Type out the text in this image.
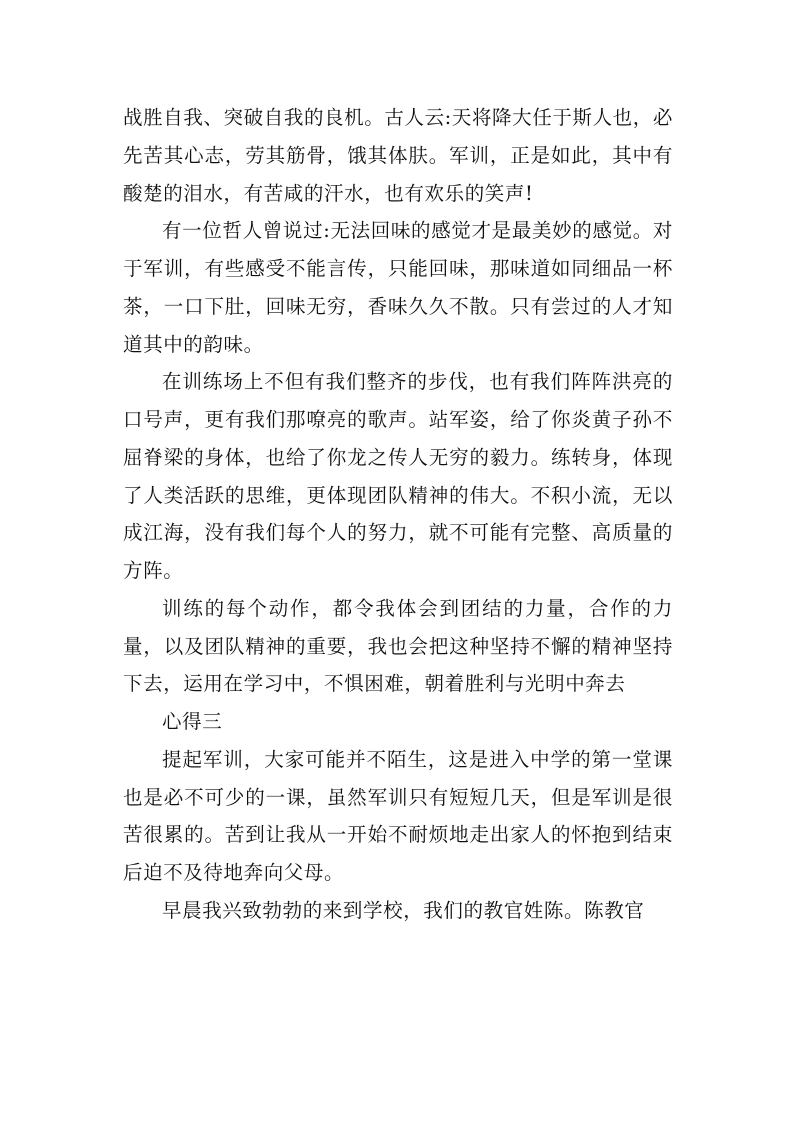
战胜自我、突破自我的良机。古人云:天将降大任于斯人也，必先苦其心志，劳其筋骨，饿其体肤。军训，正是如此，其中有酸楚的泪水，有苦咸的汗水，也有欢乐的笑声!

有一位哲人曾说过:无法回味的感觉才是最美妙的感觉。对于军训，有些感受不能言传，只能回味，那味道如同细品一杯茶，一口下肚，回味无穷，香味久久不散。只有尝过的人才知道其中的韵味。

在训练场上不但有我们整齐的步伐，也有我们阵阵洪亮的口号声，更有我们那嘹亮的歌声。站军姿，给了你炎黄子孙不屈脊梁的身体，也给了你龙之传人无穷的毅力。练转身，体现了人类活跃的思维，更体现团队精神的伟大。不积小流，无以成江海，没有我们每个人的努力，就不可能有完整、高质量的方阵。

训练的每个动作，都令我体会到团结的力量，合作的力量，以及团队精神的重要，我也会把这种坚持不懈的精神坚持下去，运用在学习中，不惧困难，朝着胜利与光明中奔去

心得三

提起军训，大家可能并不陌生，这是进入中学的第一堂课也是必不可少的一课，虽然军训只有短短几天，但是军训是很苦很累的。苦到让我从一开始不耐烦地走出家人的怀抱到结束后迫不及待地奔向父母。

早晨我兴致勃勃的来到学校，我们的教官姓陈。陈教官
